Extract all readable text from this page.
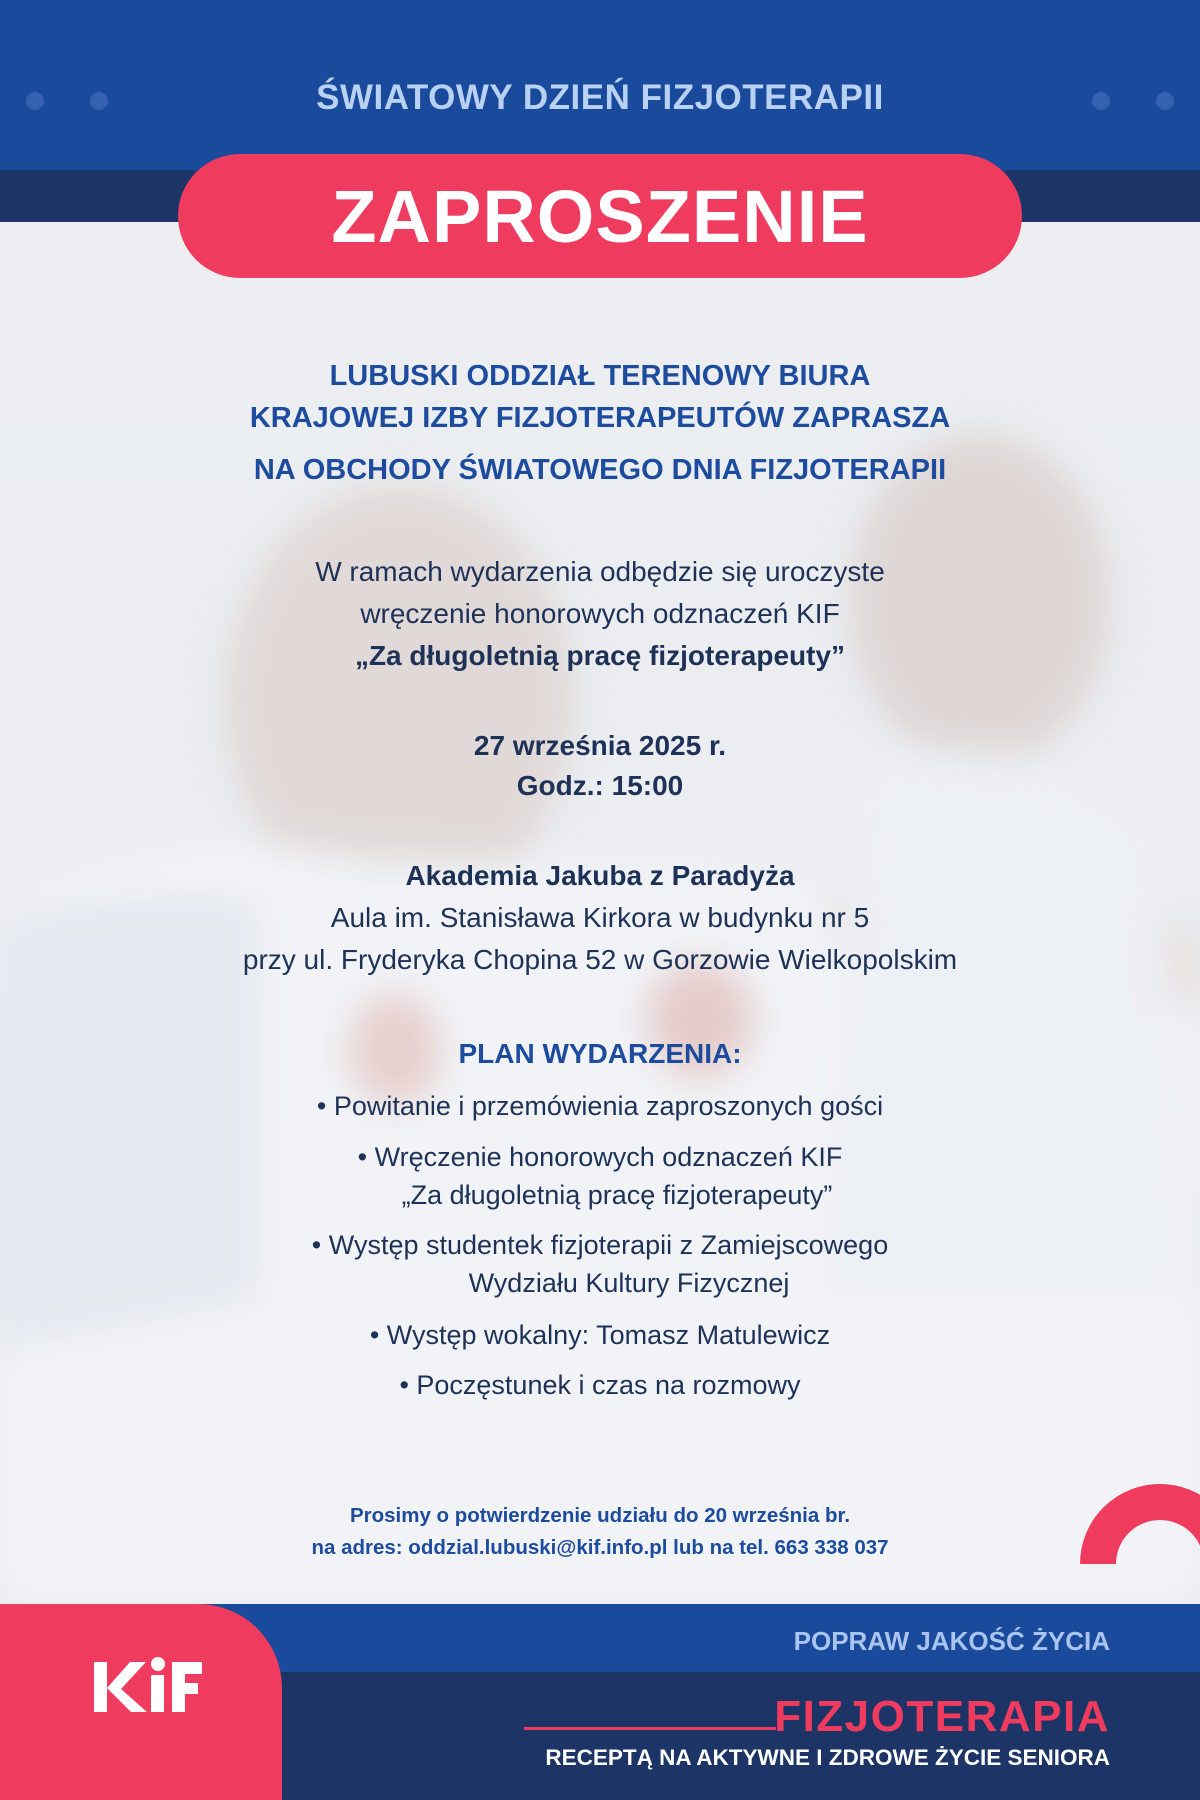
ŚWIATOWY DZIEŃ FIZJOTERAPII
ZAPROSZENIE
LUBUSKI ODDZIAŁ TERENOWY BIURA
KRAJOWEJ IZBY FIZJOTERAPEUTÓW ZAPRASZA
NA OBCHODY ŚWIATOWEGO DNIA FIZJOTERAPII
W ramach wydarzenia odbędzie się uroczyste
wręczenie honorowych odznaczeń KIF
„Za długoletnią pracę fizjoterapeuty”
27 września 2025 r.
Godz.: 15:00
Akademia Jakuba z Paradyża
Aula im. Stanisława Kirkora w budynku nr 5
przy ul. Fryderyka Chopina 52 w Gorzowie Wielkopolskim
PLAN WYDARZENIA:
• Powitanie i przemówienia zaproszonych gości
• Wręczenie honorowych odznaczeń KIF
„Za długoletnią pracę fizjoterapeuty”
• Występ studentek fizjoterapii z Zamiejscowego
Wydziału Kultury Fizycznej
• Występ wokalny: Tomasz Matulewicz
• Poczęstunek i czas na rozmowy
Prosimy o potwierdzenie udziału do 20 września br.
na adres: oddzial.lubuski@kif.info.pl lub na tel. 663 338 037
POPRAW JAKOŚĆ ŻYCIA
FIZJOTERAPIA
RECEPTĄ NA AKTYWNE I ZDROWE ŻYCIE SENIORA
